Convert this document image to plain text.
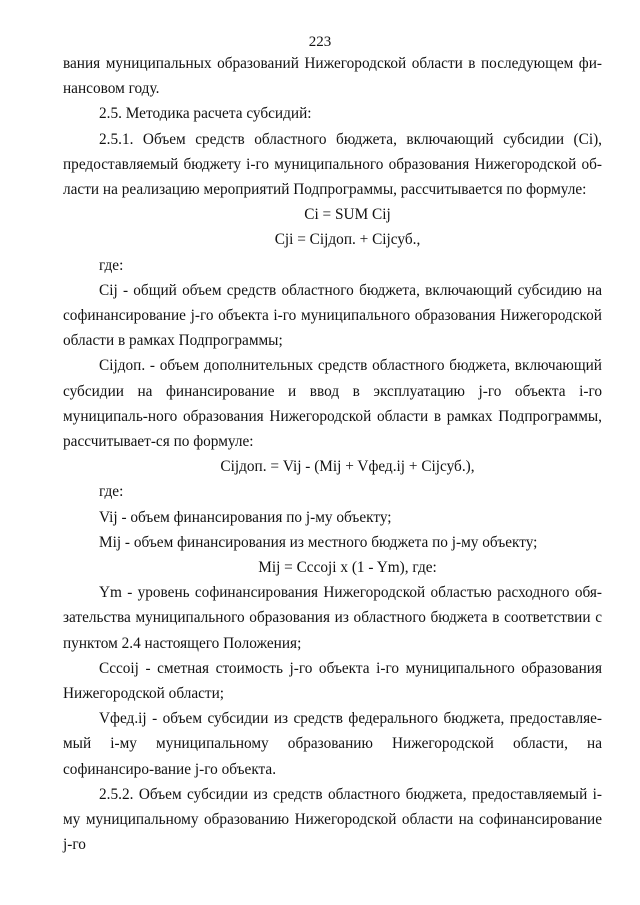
223

вания муниципальных образований Нижегородской области в последующем фи-нансовом году.

2.5. Методика расчета субсидий:

2.5.1. Объем средств областного бюджета, включающий субсидии (Ci), предоставляемый бюджету i-го муниципального образования Нижегородской об-ласти на реализацию мероприятий Подпрограммы, рассчитывается по формуле:

Ci = SUM Cij

Cji = Cijдоп. + Cijсуб.,

где:

Cij - общий объем средств областного бюджета, включающий субсидию на софинансирование j-го объекта i-го муниципального образования Нижегородской области в рамках Подпрограммы;

Cijдоп. - объем дополнительных средств областного бюджета, включающий субсидии на финансирование и ввод в эксплуатацию j-го объекта i-го муниципаль-ного образования Нижегородской области в рамках Подпрограммы, рассчитывает-ся по формуле:

Cijдоп. = Vij - (Mij + Vфед.ij + Cijсуб.),

где:

Vij - объем финансирования по j-му объекту;

Mij - объем финансирования из местного бюджета по j-му объекту;

Mij = Cccoji x (1 - Ym), где:

Ym - уровень софинансирования Нижегородской областью расходного обя-зательства муниципального образования из областного бюджета в соответствии с пунктом 2.4 настоящего Положения;

Cccoij - сметная стоимость j-го объекта i-го муниципального образования Нижегородской области;

Vфед.ij - объем субсидии из средств федерального бюджета, предоставляе-мый i-му муниципальному образованию Нижегородской области, на софинансиро-вание j-го объекта.

2.5.2. Объем субсидии из средств областного бюджета, предоставляемый i-му муниципальному образованию Нижегородской области на софинансирование j-го
